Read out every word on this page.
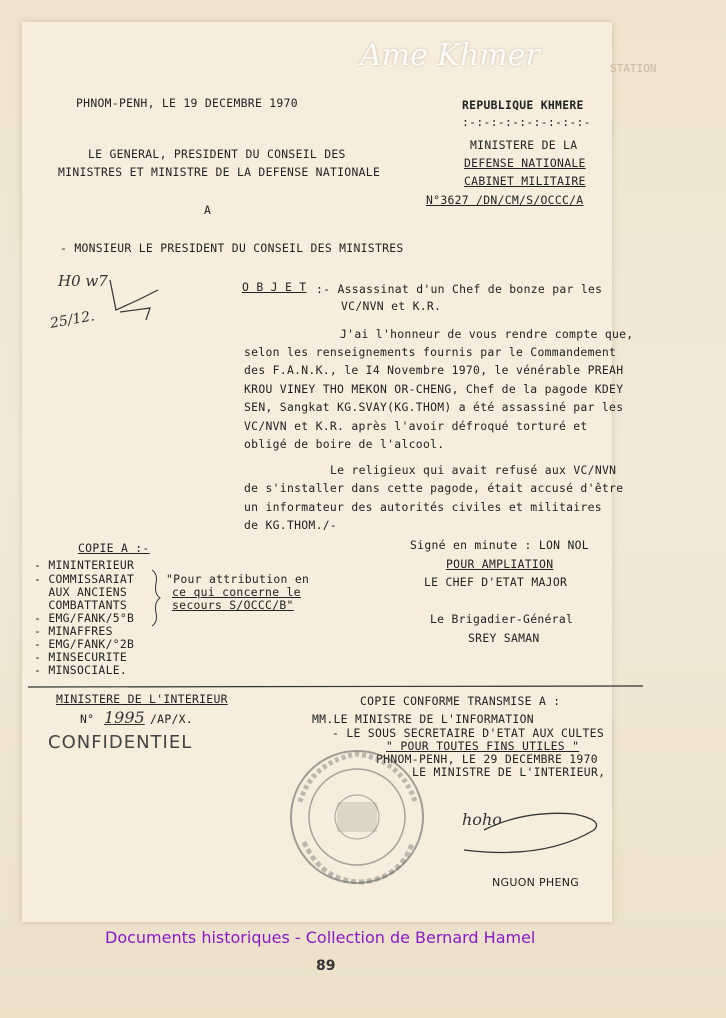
STATION
Ame Khmer
PHNOM-PENH, LE 19 DECEMBRE 1970	REPUBLIQUE KHMERE
:-:-:-:-:-:-:-:-:-
MINISTERE DE LA
DEFENSE NATIONALE
CABINET MILITAIRE
N°3627 /DN/CM/S/OCCC/A
LE GENERAL, PRESIDENT DU CONSEIL DES
MINISTRES ET MINISTRE DE LA DEFENSE NATIONALE
A
- MONSIEUR LE PRESIDENT DU CONSEIL DES MINISTRES
H0 w7
25/12.
O B J E T :- Assassinat d'un Chef de bonze par les
VC/NVN et K.R.
J'ai l'honneur de vous rendre compte que,
selon les renseignements fournis par le Commandement
des F.A.N.K., le I4 Novembre 1970, le vénérable PREAH
KROU VINEY THO MEKON OR-CHENG, Chef de la pagode KDEY
SEN, Sangkat KG.SVAY(KG.THOM) a été assassiné par les
VC/NVN et K.R. après l'avoir défroqué torturé et
obligé de boire de l'alcool.
Le religieux qui avait refusé aux VC/NVN
de s'installer dans cette pagode, était accusé d'être
un informateur des autorités civiles et militaires
de KG.THOM./-
Signé en minute : LON NOL
POUR AMPLIATION
LE CHEF D'ETAT MAJOR
Le Brigadier-Général
SREY SAMAN
COPIE A :-
- MININTERIEUR
- COMMISSARIAT
AUX ANCIENS
COMBATTANTS
- EMG/FANK/5°B
- MINAFFRES
- EMG/FANK/°2B
- MINSECURITE
- MINSOCIALE.
"Pour attribution en
ce qui concerne le
secours S/OCCC/B"
MINISTERE DE L'INTERIEUR
N° 1995 /AP/X.
CONFIDENTIEL
COPIE CONFORME TRANSMISE A :
MM.LE MINISTRE DE L'INFORMATION
- LE SOUS SECRETAIRE D'ETAT AUX CULTES
" POUR TOUTES FINS UTILES "
PHNOM-PENH, LE 29 DECEMBRE 1970
LE MINISTRE DE L'INTERIEUR,
hoho
NGUON PHENG
Documents historiques - Collection de Bernard Hamel
89
